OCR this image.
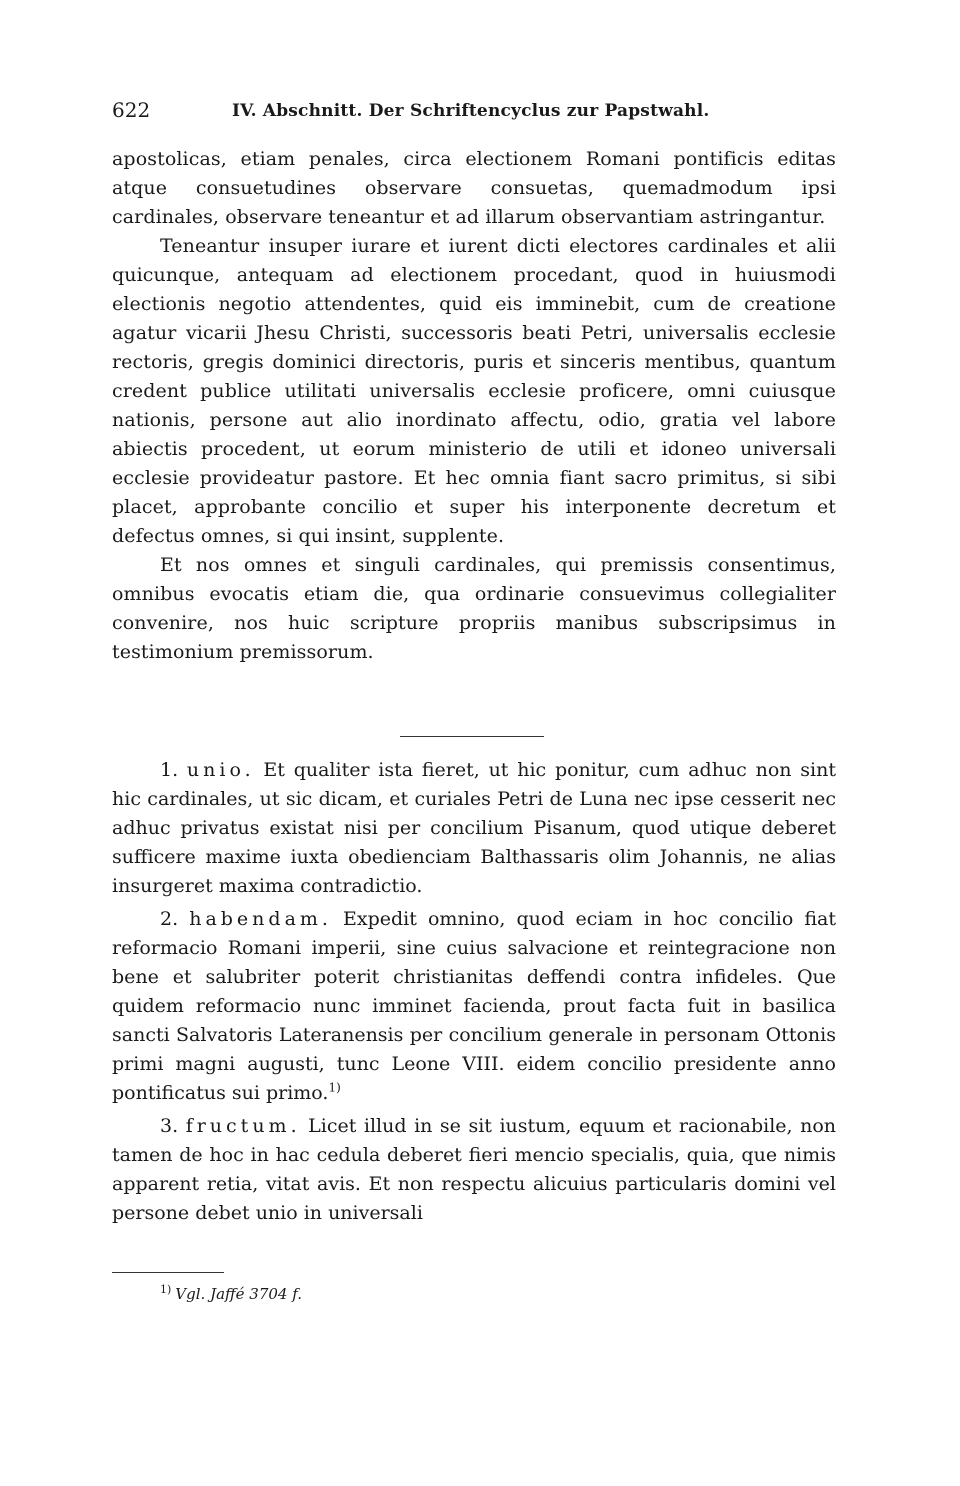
622	IV. Abschnitt. Der Schriftencyclus zur Papstwahl.

apostolicas, etiam penales, circa electionem Romani pontificis editas atque consuetudines observare consuetas, quemadmodum ipsi cardinales, observare teneantur et ad illarum observantiam astringantur.

Teneantur insuper iurare et iurent dicti electores cardinales et alii quicunque, antequam ad electionem procedant, quod in huiusmodi electionis negotio attendentes, quid eis imminebit, cum de creatione agatur vicarii Jhesu Christi, successoris beati Petri, universalis ecclesie rectoris, gregis dominici directoris, puris et sinceris mentibus, quantum credent publice utilitati universalis ecclesie proficere, omni cuiusque nationis, persone aut alio inordinato affectu, odio, gratia vel labore abiectis procedent, ut eorum ministerio de utili et idoneo universali ecclesie provideatur pastore. Et hec omnia fiant sacro primitus, si sibi placet, approbante concilio et super his interponente decretum et defectus omnes, si qui insint, supplente.

Et nos omnes et singuli cardinales, qui premissis consentimus, omnibus evocatis etiam die, qua ordinarie consuevimus collegialiter convenire, nos huic scripture propriis manibus subscripsimus in testimonium premissorum.

1. unio. Et qualiter ista fieret, ut hic ponitur, cum adhuc non sint hic cardinales, ut sic dicam, et curiales Petri de Luna nec ipse cesserit nec adhuc privatus existat nisi per concilium Pisanum, quod utique deberet sufficere maxime iuxta obedienciam Balthassaris olim Johannis, ne alias insurgeret maxima contradictio.

2. habendam. Expedit omnino, quod eciam in hoc concilio fiat reformacio Romani imperii, sine cuius salvacione et reintegracione non bene et salubriter poterit christianitas deffendi contra infideles. Que quidem reformacio nunc imminet facienda, prout facta fuit in basilica sancti Salvatoris Lateranensis per concilium generale in personam Ottonis primi magni augusti, tunc Leone VIII. eidem concilio presidente anno pontificatus sui primo.$^{1)}$

3. fructum. Licet illud in se sit iustum, equum et racionabile, non tamen de hoc in hac cedula deberet fieri mencio specialis, quia, que nimis apparent retia, vitat avis. Et non respectu alicuius particularis domini vel persone debet unio in universali

$^{1)}$ Vgl. Jaffé 3704 f.
